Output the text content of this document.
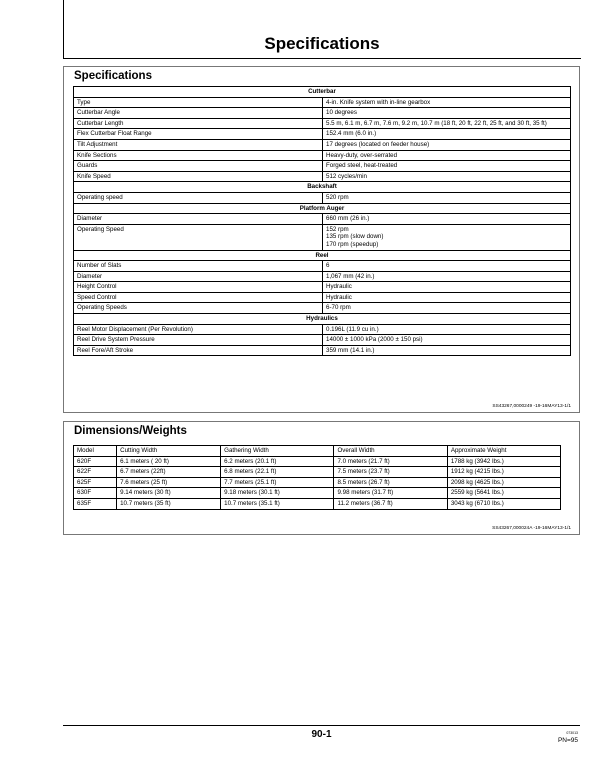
Specifications
Specifications
Cutterbar	
Type	4-in. Knife system with in-line gearbox
Cutterbar Angle	10 degrees
Cutterbar Length	5.5 m, 6.1 m, 6.7 m, 7.6 m, 9.2 m, 10.7 m (18 ft, 20 ft, 22 ft, 25 ft, and 30 ft, 35 ft)
Flex Cutterbar Float Range	152.4 mm (6.0 in.)
Tilt Adjustment	17 degrees (located on feeder house)
Knife Sections	Heavy-duty, over-serrated
Guards	Forged steel, heat-treated
Knife Speed	512 cycles/min
Backshaft	
Operating speed	520 rpm
Platform Auger	
Diameter	660 mm (26 in.)
Operating Speed	152 rpm
135 rpm (slow down)
170 rpm (speedup)
Reel	
Number of Slats	6
Diameter	1,067 mm (42 in.)
Height Control	Hydraulic
Speed Control	Hydraulic
Operating Speeds	6-70 rpm
Hydraulics	
Reel Motor Displacement (Per Revolution)	0.196L (11.9 cu in.)
Reel Drive System Pressure	14000 ± 1000 kPa (2000 ± 150 psi)
Reel Fore/Aft Stroke	359 mm (14.1 in.)
SS43267,0000249 -19-16MAY13-1/1
Dimensions/Weights
Model	Cutting Width	Gathering Width	Overall Width	Approximate Weight
620F	6.1 meters ( 20 ft)	6.2 meters (20.1 ft)	7.0 meters (21.7 ft)	1788 kg (3942 lbs.)
622F	6.7 meters (22ft)	6.8 meters (22.1 ft)	7.5 meters (23.7 ft)	1912 kg (4215 lbs.)
625F	7.6 meters (25 ft)	7.7 meters (25.1 ft)	8.5 meters (26.7 ft)	2098 kg (4625 lbs.)
630F	9.14 meters (30 ft)	9.18 meters (30.1 ft)	9.98 meters (31.7 ft)	2559 kg (5641 lbs.)
635F	10.7 meters (35 ft)	10.7 meters (35.1 ft)	11.2 meters (36.7 ft)	3043 kg (6710 lbs.)
SS43267,000024A -19-16MAY13-1/1
90-1	073013
PN=95
